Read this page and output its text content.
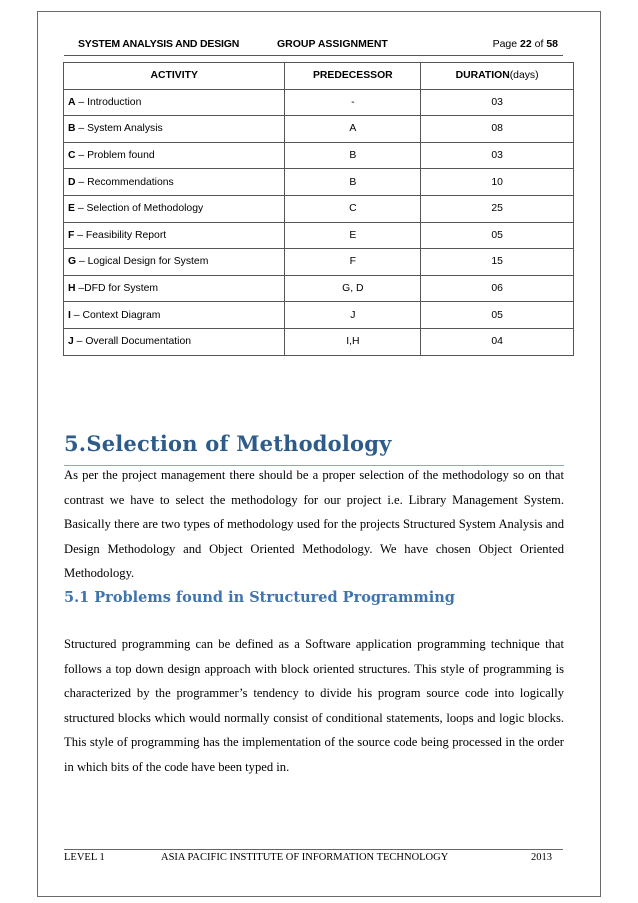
SYSTEM ANALYSIS AND DESIGN	GROUP ASSIGNMENT	Page 22 of 58
ACTIVITY	PREDECESSOR	DURATION(days)
A – Introduction	-	03
B – System Analysis	A	08
C – Problem found	B	03
D – Recommendations	B	10
E – Selection of Methodology	C	25
F – Feasibility Report	E	05
G – Logical Design for System	F	15
H –DFD for System	G, D	06
I – Context Diagram	J	05
J – Overall Documentation	I,H	04
5.Selection of Methodology
As per the project management there should be a proper selection of the methodology so on that contrast we have to select the methodology for our project i.e. Library Management System. Basically there are two types of methodology used for the projects Structured System Analysis and Design Methodology and Object Oriented Methodology. We have chosen Object Oriented Methodology.
5.1 Problems found in Structured Programming
Structured programming can be defined as a Software application programming technique that follows a top down design approach with block oriented structures. This style of programming is characterized by the programmer’s tendency to divide his program source code into logically structured blocks which would normally consist of conditional statements, loops and logic blocks. This style of programming has the implementation of the source code being processed in the order in which bits of the code have been typed in.
LEVEL 1	ASIA PACIFIC INSTITUTE OF INFORMATION TECHNOLOGY	2013
